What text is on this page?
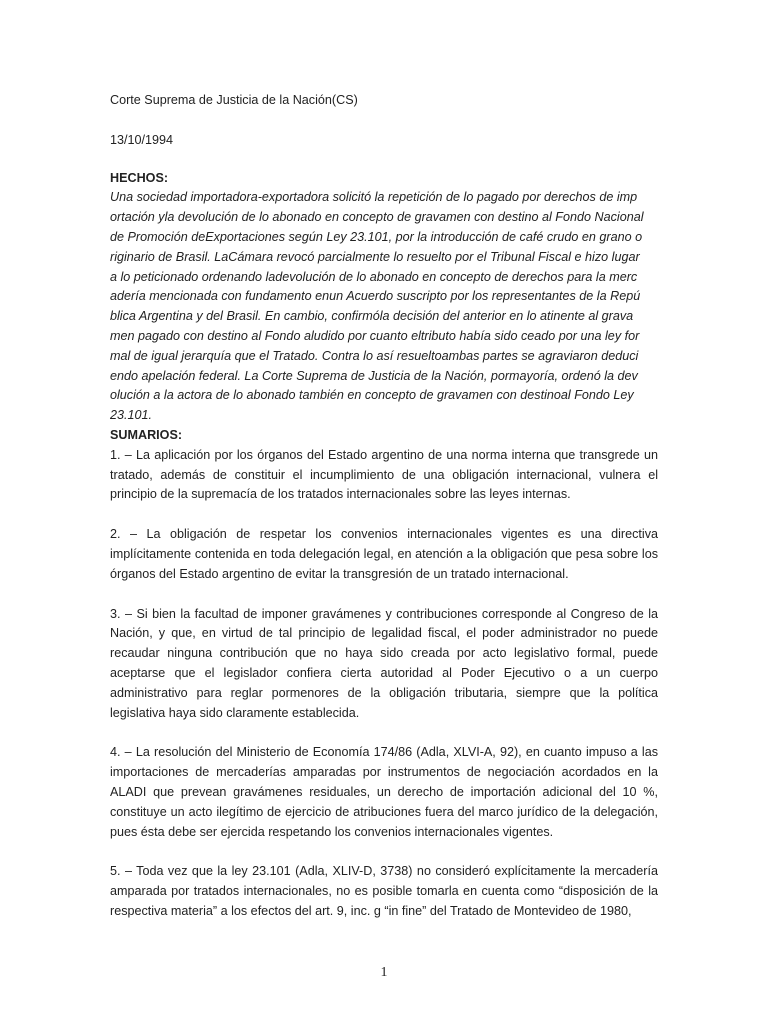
Corte Suprema de Justicia de la Nación(CS)

13/10/1994

HECHOS:

Una sociedad importadora-exportadora solicitó la repetición de lo pagado por derechos de imp
ortación yla devolución de lo abonado en concepto de gravamen con destino al Fondo Nacional
de Promoción deExportaciones según Ley 23.101, por la introducción de café crudo en grano o
riginario de Brasil. LaCámara revocó parcialmente lo resuelto por el Tribunal Fiscal e hizo lugar
a lo peticionado ordenando ladevolución de lo abonado en concepto de derechos para la merc
adería mencionada con fundamento enun Acuerdo suscripto por los representantes de la Repú
blica Argentina y del Brasil. En cambio, confirmóla decisión del anterior en lo atinente al grava
men pagado con destino al Fondo aludido por cuanto eltributo había sido ceado por una ley for
mal de igual jerarquía que el Tratado. Contra lo así resueltoambas partes se agraviaron deduci
endo apelación federal. La Corte Suprema de Justicia de la Nación, pormayoría, ordenó la dev
olución a la actora de lo abonado también en concepto de gravamen con destinoal Fondo Ley
23.101.

SUMARIOS:

1. – La aplicación por los órganos del Estado argentino de una norma interna que transgrede un tratado, además de constituir el incumplimiento de una obligación internacional, vulnera el principio de la supremacía de los tratados internacionales sobre las leyes internas.

2. – La obligación de respetar los convenios internacionales vigentes es una directiva implícitamente contenida en toda delegación legal, en atención a la obligación que pesa sobre los órganos del Estado argentino de evitar la transgresión de un tratado internacional.

3. – Si bien la facultad de imponer gravámenes y contribuciones corresponde al Congreso de la Nación, y que, en virtud de tal principio de legalidad fiscal, el poder administrador no puede recaudar ninguna contribución que no haya sido creada por acto legislativo formal, puede aceptarse que el legislador confiera cierta autoridad al Poder Ejecutivo o a un cuerpo administrativo para reglar pormenores de la obligación tributaria, siempre que la política legislativa haya sido claramente establecida.

4. – La resolución del Ministerio de Economía 174/86 (Adla, XLVI-A, 92), en cuanto impuso a las importaciones de mercaderías amparadas por instrumentos de negociación acordados en la ALADI que prevean gravámenes residuales, un derecho de importación adicional del 10 %, constituye un acto ilegítimo de ejercicio de atribuciones fuera del marco jurídico de la delegación, pues ésta debe ser ejercida respetando los convenios internacionales vigentes.

5. – Toda vez que la ley 23.101 (Adla, XLIV-D, 3738) no consideró explícitamente la mercadería amparada por tratados internacionales, no es posible tomarla en cuenta como “disposición de la respectiva materia” a los efectos del art. 9, inc. g “in fine” del Tratado de Montevideo de 1980,

1
